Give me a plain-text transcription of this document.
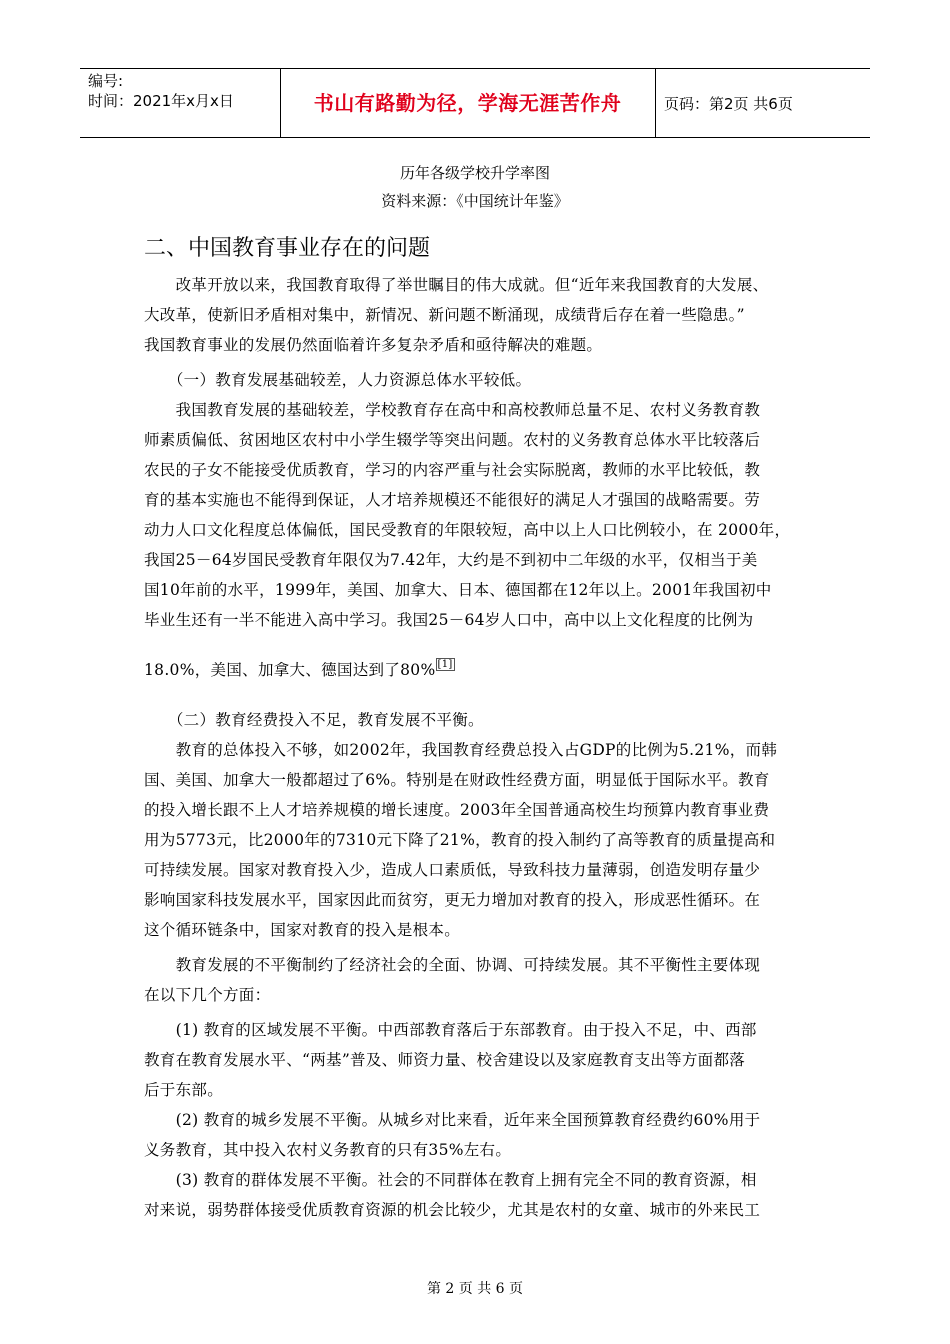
编号:
时间：2021年x月x日	书山有路勤为径，学海无涯苦作舟	页码：第2页 共6页
历年各级学校升学率图
资料来源：《中国统计年鉴》
二、中国教育事业存在的问题
　　改革开放以来，我国教育取得了举世瞩目的伟大成就。但“近年来我国教育的大发展、
大改革，使新旧矛盾相对集中，新情况、新问题不断涌现，成绩背后存在着一些隐患。”
我国教育事业的发展仍然面临着许多复杂矛盾和亟待解决的难题。
　　（一）教育发展基础较差，人力资源总体水平较低。
　　我国教育发展的基础较差，学校教育存在高中和高校教师总量不足、农村义务教育教
师素质偏低、贫困地区农村中小学生辍学等突出问题。农村的义务教育总体水平比较落后
农民的子女不能接受优质教育，学习的内容严重与社会实际脱离，教师的水平比较低，教
育的基本实施也不能得到保证，人才培养规模还不能很好的满足人才强国的战略需要。劳
动力人口文化程度总体偏低，国民受教育的年限较短，高中以上人口比例较小，在 2000年，
我国25－64岁国民受教育年限仅为7.42年，大约是不到初中二年级的水平，仅相当于美
国10年前的水平，1999年，美国、加拿大、日本、德国都在12年以上。2001年我国初中
毕业生还有一半不能进入高中学习。我国25－64岁人口中，高中以上文化程度的比例为
18.0%，美国、加拿大、德国达到了80% [1]
　　（二）教育经费投入不足，教育发展不平衡。
　　教育的总体投入不够，如2002年，我国教育经费总投入占GDP的比例为5.21%，而韩
国、美国、加拿大一般都超过了6%。特别是在财政性经费方面，明显低于国际水平。教育
的投入增长跟不上人才培养规模的增长速度。2003年全国普通高校生均预算内教育事业费
用为5773元，比2000年的7310元下降了21%，教育的投入制约了高等教育的质量提高和
可持续发展。国家对教育投入少，造成人口素质低，导致科技力量薄弱，创造发明存量少
影响国家科技发展水平，国家因此而贫穷，更无力增加对教育的投入，形成恶性循环。在
这个循环链条中，国家对教育的投入是根本。
　　教育发展的不平衡制约了经济社会的全面、协调、可持续发展。其不平衡性主要体现
在以下几个方面：
　　(1) 教育的区域发展不平衡。中西部教育落后于东部教育。由于投入不足，中、西部
教育在教育发展水平、“两基”普及、师资力量、校舍建设以及家庭教育支出等方面都落
后于东部。
　　(2) 教育的城乡发展不平衡。从城乡对比来看，近年来全国预算教育经费约60%用于
义务教育，其中投入农村义务教育的只有35%左右。
　　(3) 教育的群体发展不平衡。社会的不同群体在教育上拥有完全不同的教育资源，相
对来说，弱势群体接受优质教育资源的机会比较少，尤其是农村的女童、城市的外来民工
第 2 页 共 6 页
